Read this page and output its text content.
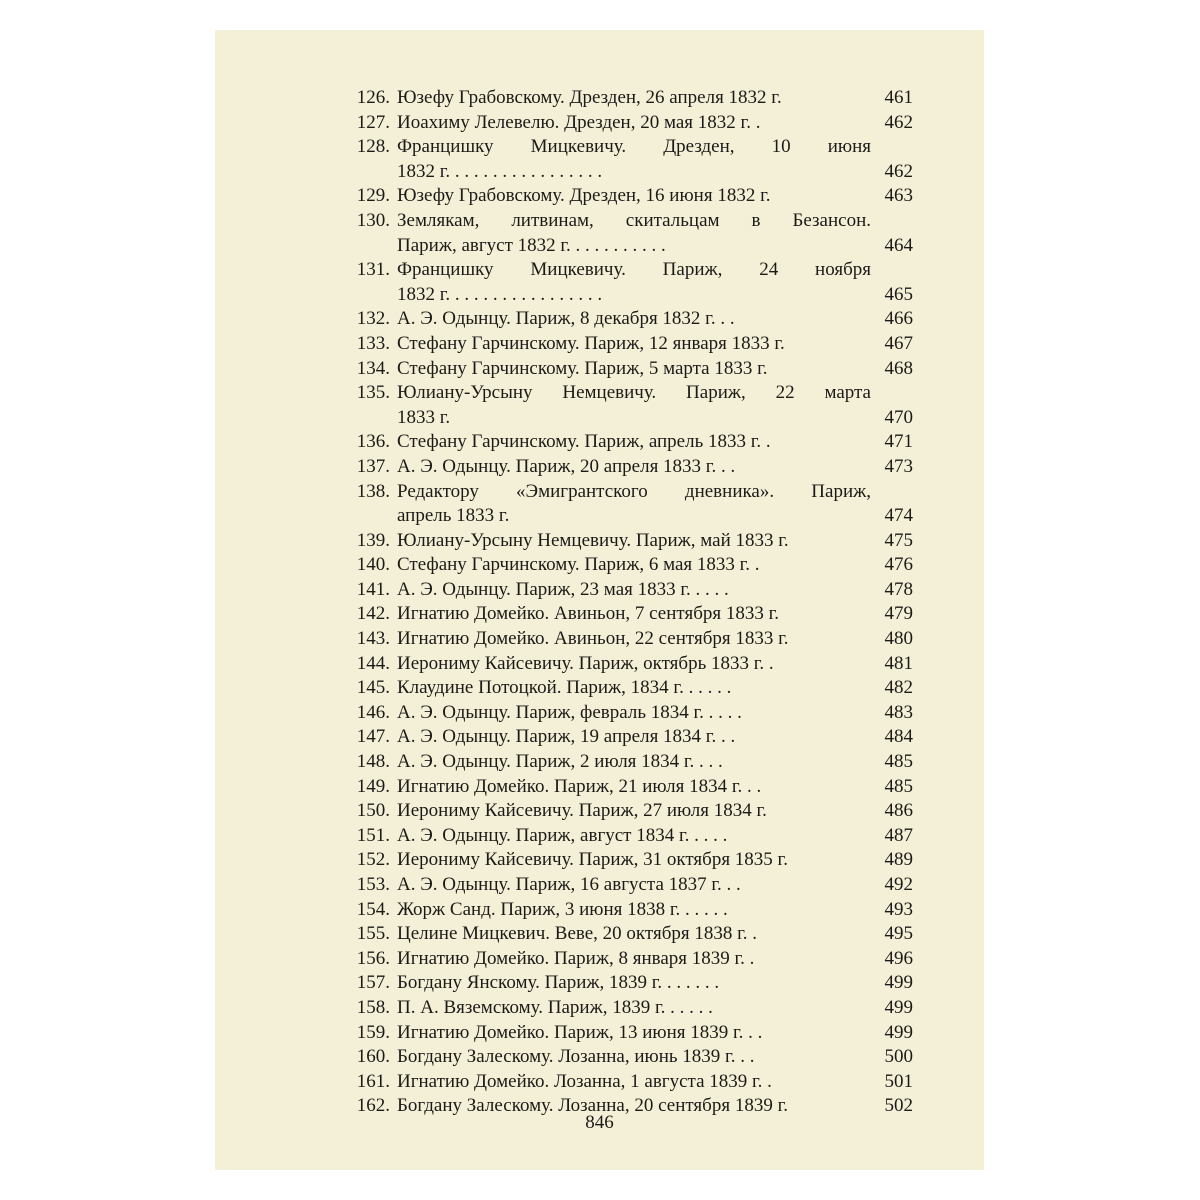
126. Юзефу Грабовскому. Дрезден, 26 апреля 1832 г.	461
127. Иоахиму Лелевелю. Дрезден, 20 мая 1832 г. .	462
128. Францишку Мицкевичу. Дрезден, 10 июня
1832 г. . . . . . . . . . . . . . . . .	462
129. Юзефу Грабовскому. Дрезден, 16 июня 1832 г.	463
130. Землякам, литвинам, скитальцам в Безансон.
Париж, август 1832 г. . . . . . . . . . .	464
131. Францишку Мицкевичу. Париж, 24 ноября
1832 г. . . . . . . . . . . . . . . . .	465
132. А. Э. Одынцу. Париж, 8 декабря 1832 г. . .	466
133. Стефану Гарчинскому. Париж, 12 января 1833 г.	467
134. Стефану Гарчинскому. Париж, 5 марта 1833 г.	468
135. Юлиану-Урсыну Немцевичу. Париж, 22 марта
1833 г.	470
136. Стефану Гарчинскому. Париж, апрель 1833 г. .	471
137. А. Э. Одынцу. Париж, 20 апреля 1833 г. . .	473
138. Редактору «Эмигрантского дневника». Париж,
апрель 1833 г.	474
139. Юлиану-Урсыну Немцевичу. Париж, май 1833 г.	475
140. Стефану Гарчинскому. Париж, 6 мая 1833 г. .	476
141. А. Э. Одынцу. Париж, 23 мая 1833 г. . . . .	478
142. Игнатию Домейко. Авиньон, 7 сентября 1833 г.	479
143. Игнатию Домейко. Авиньон, 22 сентября 1833 г.	480
144. Иерониму Кайсевичу. Париж, октябрь 1833 г. .	481
145. Клаудине Потоцкой. Париж, 1834 г. . . . . .	482
146. А. Э. Одынцу. Париж, февраль 1834 г. . . . .	483
147. А. Э. Одынцу. Париж, 19 апреля 1834 г. . .	484
148. А. Э. Одынцу. Париж, 2 июля 1834 г. . . .	485
149. Игнатию Домейко. Париж, 21 июля 1834 г. . .	485
150. Иерониму Кайсевичу. Париж, 27 июля 1834 г.	486
151. А. Э. Одынцу. Париж, август 1834 г. . . . .	487
152. Иерониму Кайсевичу. Париж, 31 октября 1835 г.	489
153. А. Э. Одынцу. Париж, 16 августа 1837 г. . .	492
154. Жорж Санд. Париж, 3 июня 1838 г. . . . . .	493
155. Целине Мицкевич. Веве, 20 октября 1838 г. .	495
156. Игнатию Домейко. Париж, 8 января 1839 г. .	496
157. Богдану Янскому. Париж, 1839 г. . . . . . .	499
158. П. А. Вяземскому. Париж, 1839 г. . . . . .	499
159. Игнатию Домейко. Париж, 13 июня 1839 г. . .	499
160. Богдану Залескому. Лозанна, июнь 1839 г. . .	500
161. Игнатию Домейко. Лозанна, 1 августа 1839 г. .	501
162. Богдану Залескому. Лозанна, 20 сентября 1839 г.	502
846
